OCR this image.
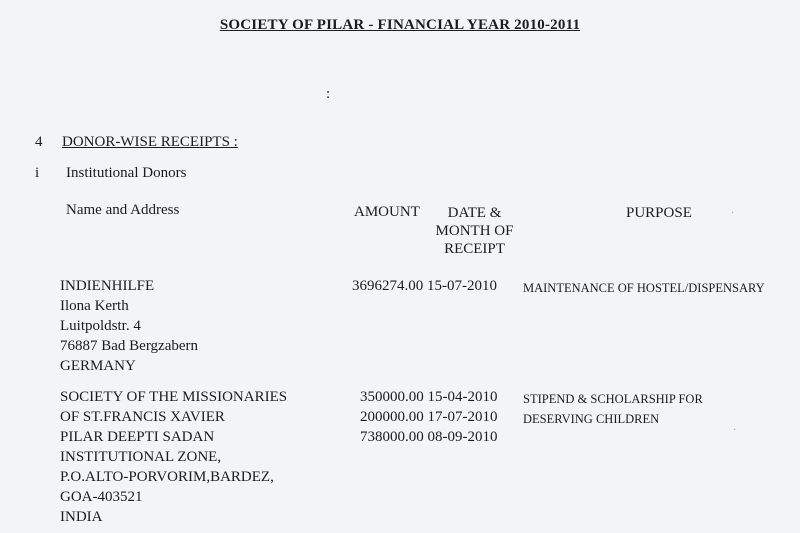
SOCIETY OF PILAR - FINANCIAL YEAR 2010-2011
:
4 DONOR-WISE RECEIPTS :
i Institutional Donors
Name and Address	AMOUNT	DATE & MONTH OF RECEIPT
PURPOSE
INDIENHILFE
Ilona Kerth
Luitpoldstr. 4
76887 Bad Bergzabern
GERMANY
3696274.00 15-07-2010 MAINTENANCE OF HOSTEL/DISPENSARY
SOCIETY OF THE MISSIONARIES
OF ST.FRANCIS XAVIER
PILAR DEEPTI SADAN
INSTITUTIONAL ZONE,
P.O.ALTO-PORVORIM,BARDEZ,
GOA-403521
INDIA
350000.00 15-04-2010
200000.00 17-07-2010
738000.00 08-09-2010
STIPEND & SCHOLARSHIP FOR
DESERVING CHILDREN
·
·
